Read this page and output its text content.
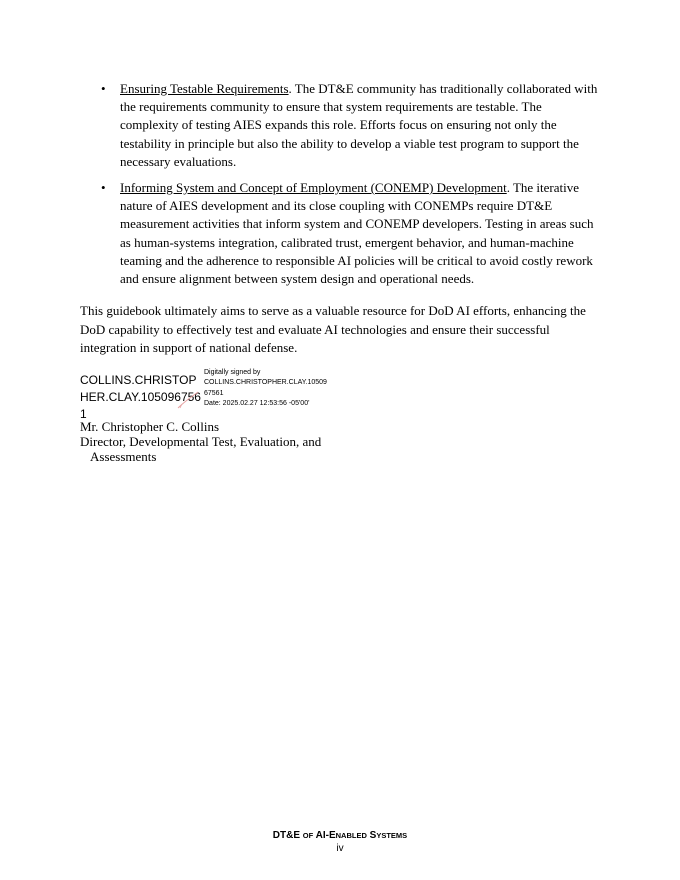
• Ensuring Testable Requirements. The DT&E community has traditionally collaborated with the requirements community to ensure that system requirements are testable. The complexity of testing AIES expands this role. Efforts focus on ensuring not only the testability in principle but also the ability to develop a viable test program to support the necessary evaluations.
• Informing System and Concept of Employment (CONEMP) Development. The iterative nature of AIES development and its close coupling with CONEMPs require DT&E measurement activities that inform system and CONEMP developers. Testing in areas such as human-systems integration, calibrated trust, emergent behavior, and human-machine teaming and the adherence to responsible AI policies will be critical to avoid costly rework and ensure alignment between system design and operational needs.

This guidebook ultimately aims to serve as a valuable resource for DoD AI efforts, enhancing the DoD capability to effectively test and evaluate AI technologies and ensure their successful integration in support of national defense.

COLLINS.CHRISTOPHER.CLAY.1050967561
Digitally signed by
COLLINS.CHRISTOPHER.CLAY.1050967561
Date: 2025.02.27 12:53:56 -05'00'
Mr. Christopher C. Collins
Director, Developmental Test, Evaluation, and
Assessments
DT&E OF AI-ENABLED SYSTEMS
iv
